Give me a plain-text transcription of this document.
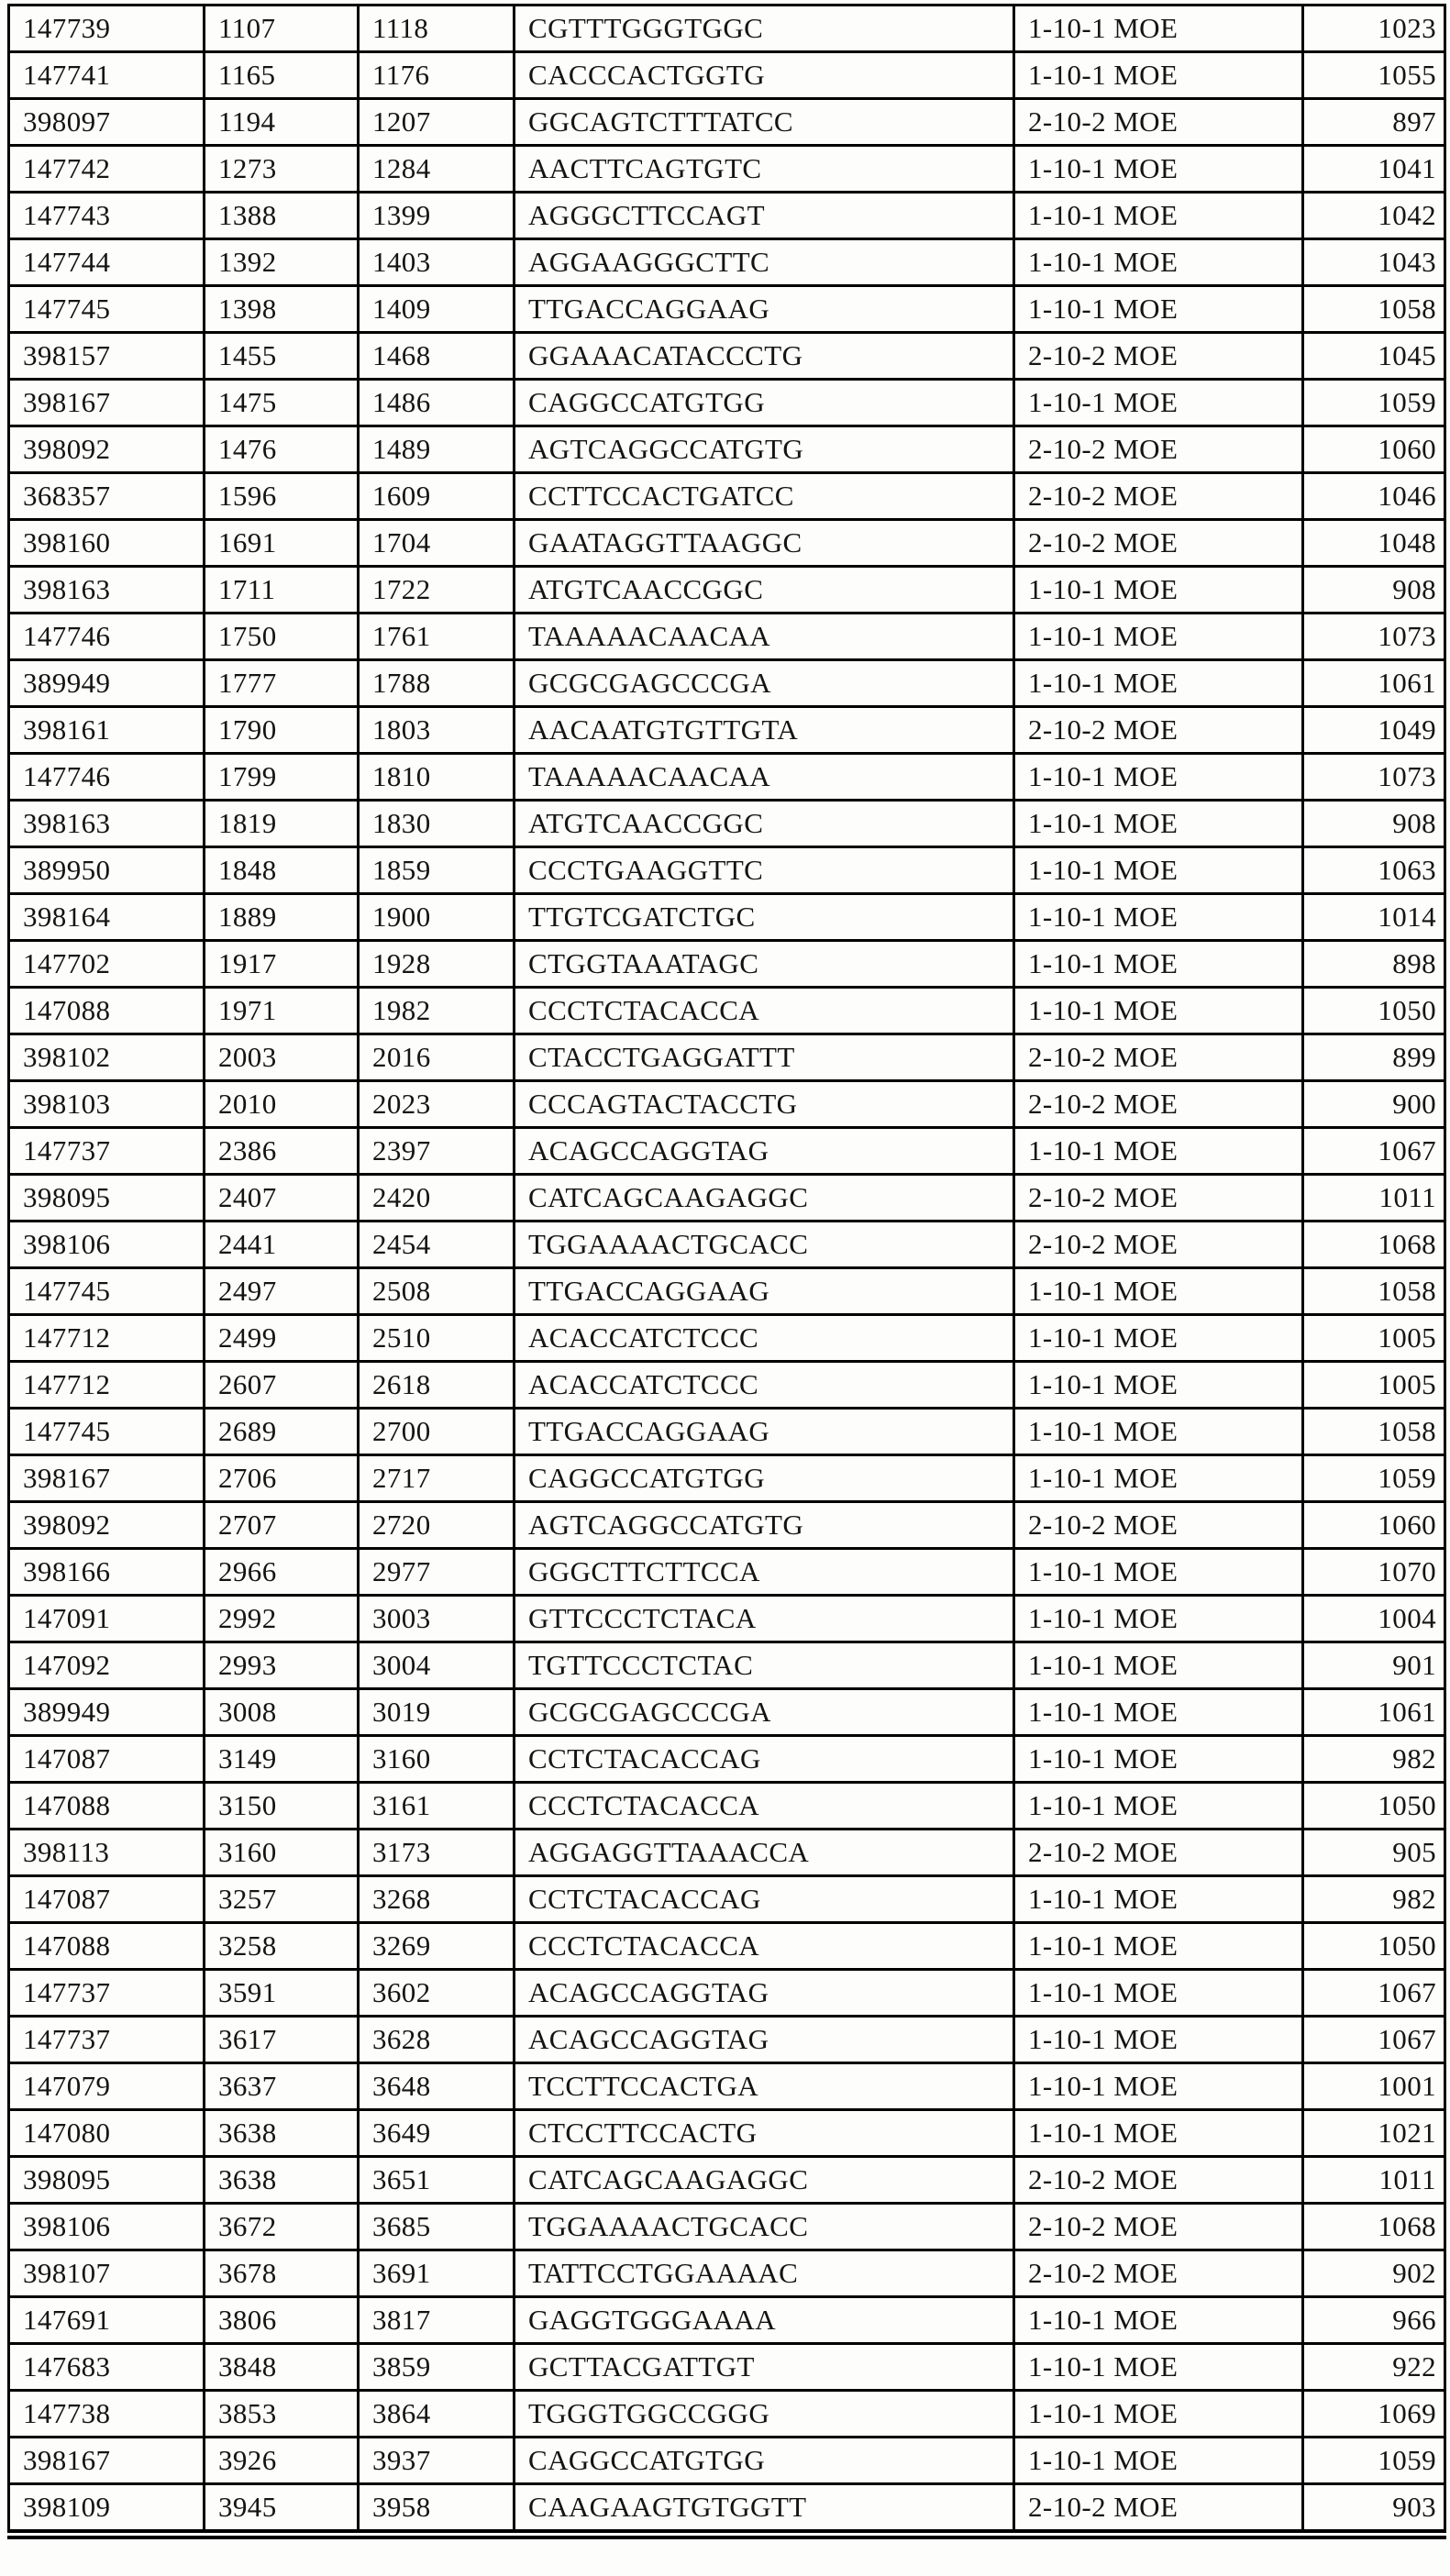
147739	1107	1118	CGTTTGGGTGGC	1-10-1 MOE	1023
147741	1165	1176	CACCCACTGGTG	1-10-1 MOE	1055
398097	1194	1207	GGCAGTCTTTATCC	2-10-2 MOE	897
147742	1273	1284	AACTTCAGTGTC	1-10-1 MOE	1041
147743	1388	1399	AGGGCTTCCAGT	1-10-1 MOE	1042
147744	1392	1403	AGGAAGGGCTTC	1-10-1 MOE	1043
147745	1398	1409	TTGACCAGGAAG	1-10-1 MOE	1058
398157	1455	1468	GGAAACATACCCTG	2-10-2 MOE	1045
398167	1475	1486	CAGGCCATGTGG	1-10-1 MOE	1059
398092	1476	1489	AGTCAGGCCATGTG	2-10-2 MOE	1060
368357	1596	1609	CCTTCCACTGATCC	2-10-2 MOE	1046
398160	1691	1704	GAATAGGTTAAGGC	2-10-2 MOE	1048
398163	1711	1722	ATGTCAACCGGC	1-10-1 MOE	908
147746	1750	1761	TAAAAACAACAA	1-10-1 MOE	1073
389949	1777	1788	GCGCGAGCCCGA	1-10-1 MOE	1061
398161	1790	1803	AACAATGTGTTGTA	2-10-2 MOE	1049
147746	1799	1810	TAAAAACAACAA	1-10-1 MOE	1073
398163	1819	1830	ATGTCAACCGGC	1-10-1 MOE	908
389950	1848	1859	CCCTGAAGGTTC	1-10-1 MOE	1063
398164	1889	1900	TTGTCGATCTGC	1-10-1 MOE	1014
147702	1917	1928	CTGGTAAATAGC	1-10-1 MOE	898
147088	1971	1982	CCCTCTACACCA	1-10-1 MOE	1050
398102	2003	2016	CTACCTGAGGATTT	2-10-2 MOE	899
398103	2010	2023	CCCAGTACTACCTG	2-10-2 MOE	900
147737	2386	2397	ACAGCCAGGTAG	1-10-1 MOE	1067
398095	2407	2420	CATCAGCAAGAGGC	2-10-2 MOE	1011
398106	2441	2454	TGGAAAACTGCACC	2-10-2 MOE	1068
147745	2497	2508	TTGACCAGGAAG	1-10-1 MOE	1058
147712	2499	2510	ACACCATCTCCC	1-10-1 MOE	1005
147712	2607	2618	ACACCATCTCCC	1-10-1 MOE	1005
147745	2689	2700	TTGACCAGGAAG	1-10-1 MOE	1058
398167	2706	2717	CAGGCCATGTGG	1-10-1 MOE	1059
398092	2707	2720	AGTCAGGCCATGTG	2-10-2 MOE	1060
398166	2966	2977	GGGCTTCTTCCA	1-10-1 MOE	1070
147091	2992	3003	GTTCCCTCTACA	1-10-1 MOE	1004
147092	2993	3004	TGTTCCCTCTAC	1-10-1 MOE	901
389949	3008	3019	GCGCGAGCCCGA	1-10-1 MOE	1061
147087	3149	3160	CCTCTACACCAG	1-10-1 MOE	982
147088	3150	3161	CCCTCTACACCA	1-10-1 MOE	1050
398113	3160	3173	AGGAGGTTAAACCA	2-10-2 MOE	905
147087	3257	3268	CCTCTACACCAG	1-10-1 MOE	982
147088	3258	3269	CCCTCTACACCA	1-10-1 MOE	1050
147737	3591	3602	ACAGCCAGGTAG	1-10-1 MOE	1067
147737	3617	3628	ACAGCCAGGTAG	1-10-1 MOE	1067
147079	3637	3648	TCCTTCCACTGA	1-10-1 MOE	1001
147080	3638	3649	CTCCTTCCACTG	1-10-1 MOE	1021
398095	3638	3651	CATCAGCAAGAGGC	2-10-2 MOE	1011
398106	3672	3685	TGGAAAACTGCACC	2-10-2 MOE	1068
398107	3678	3691	TATTCCTGGAAAAC	2-10-2 MOE	902
147691	3806	3817	GAGGTGGGAAAA	1-10-1 MOE	966
147683	3848	3859	GCTTACGATTGT	1-10-1 MOE	922
147738	3853	3864	TGGGTGGCCGGG	1-10-1 MOE	1069
398167	3926	3937	CAGGCCATGTGG	1-10-1 MOE	1059
398109	3945	3958	CAAGAAGTGTGGTT	2-10-2 MOE	903
